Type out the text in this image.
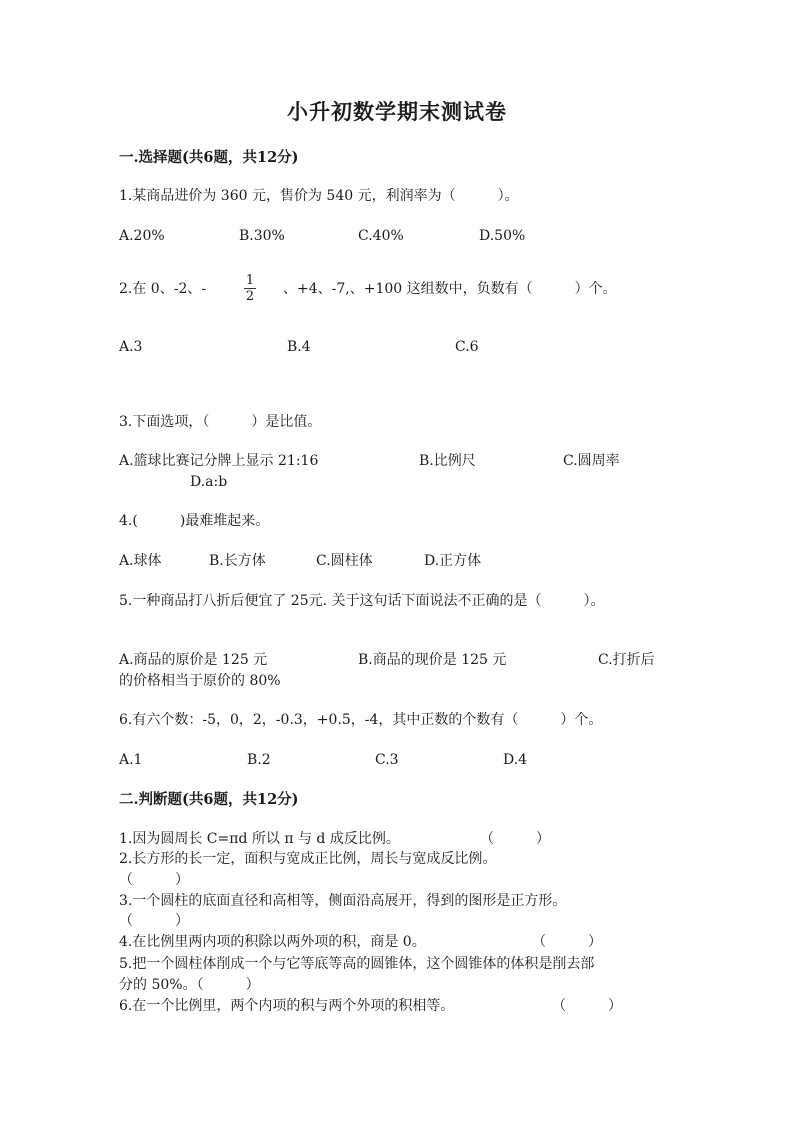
小升初数学期末测试卷
一.选择题(共6题，共12分)
1.某商品进价为 360 元，售价为 540 元，利润率为（　　　）。
A.20%	B.30%	C.40%	D.50%
2.在 0、-2、-	$\frac{1}{2}$ 、+4、-7,、+100 这组数中，负数有（　　　）个。
A.3	B.4	C.6
3.下面选项，（　　　）是比值。
A.篮球比赛记分牌上显示 21:16	B.比例尺	C.圆周率
D.a:b
4.(　　　)最难堆起来。
A.球体	B.长方体	C.圆柱体	D.正方体
5.一种商品打八折后便宜了 25元. 关于这句话下面说法不正确的是（　　　）。
A.商品的原价是 125 元	B.商品的现价是 125 元	C.打折后
的价格相当于原价的 80%
6.有六个数：-5，0，2，-0.3，+0.5，-4，其中正数的个数有（　　　）个。
A.1	B.2	C.3	D.4
二.判断题(共6题，共12分)
1.因为圆周长 C=πd 所以 π 与 d 成反比例。	（　　　）
2.长方形的长一定，面积与宽成正比例，周长与宽成反比例。
（　　　）
3.一个圆柱的底面直径和高相等，侧面沿高展开，得到的图形是正方形。
（　　　）
4.在比例里两内项的积除以两外项的积，商是 0。	（　　　）
5.把一个圆柱体削成一个与它等底等高的圆锥体，这个圆锥体的体积是削去部
分的 50%。（　　　）
6.在一个比例里，两个内项的积与两个外项的积相等。	（　　　）
